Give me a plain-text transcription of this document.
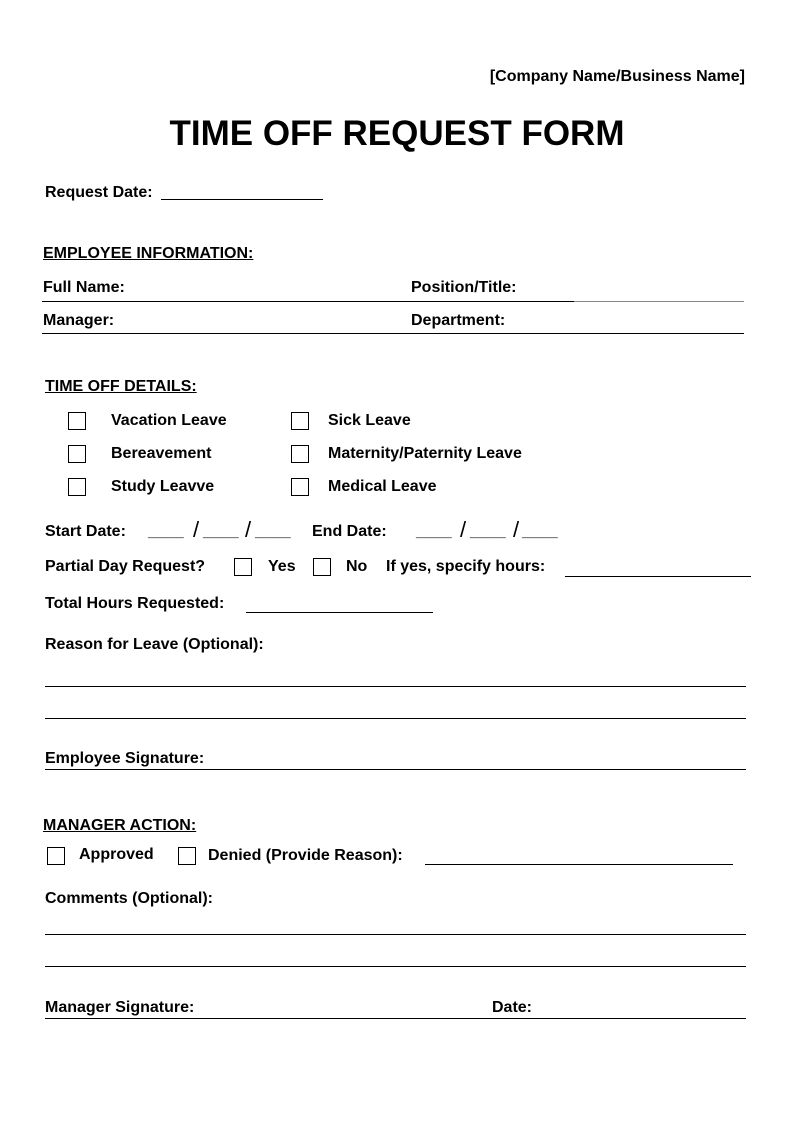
[Company Name/Business Name]
TIME OFF REQUEST FORM
Request Date:
EMPLOYEE INFORMATION:
Full Name:	Position/Title:
Manager:	Department:
TIME OFF DETAILS:
Vacation Leave	Sick Leave
Bereavement	Maternity/Paternity Leave
Study Leavve	Medical Leave
Start Date: ____ / ____ / ____ End Date: ____ / ____ / ____
Partial Day Request?	Yes	No If yes, specify hours:
Total Hours Requested:
Reason for Leave (Optional):
Employee Signature:
MANAGER ACTION:
Approved	Denied (Provide Reason):
Comments (Optional):
Manager Signature:	Date:
